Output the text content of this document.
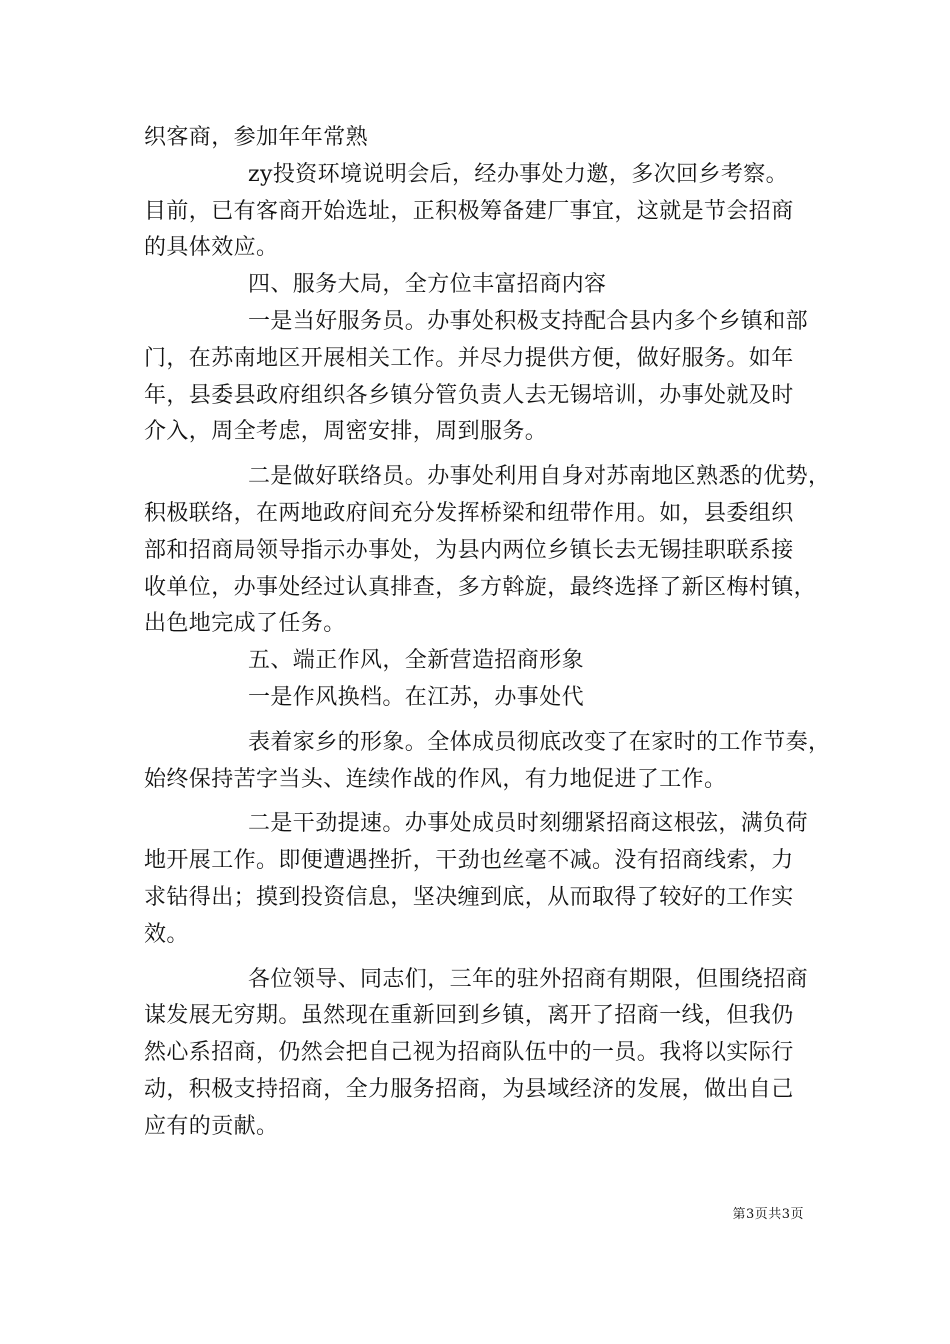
织客商，参加年年常熟
zy投资环境说明会后，经办事处力邀，多次回乡考察。
目前，已有客商开始选址，正积极筹备建厂事宜，这就是节会招商
的具体效应。
四、服务大局，全方位丰富招商内容
一是当好服务员。办事处积极支持配合县内多个乡镇和部
门，在苏南地区开展相关工作。并尽力提供方便，做好服务。如年
年，县委县政府组织各乡镇分管负责人去无锡培训，办事处就及时
介入，周全考虑，周密安排，周到服务。
二是做好联络员。办事处利用自身对苏南地区熟悉的优势，
积极联络，在两地政府间充分发挥桥梁和纽带作用。如，县委组织
部和招商局领导指示办事处，为县内两位乡镇长去无锡挂职联系接
收单位，办事处经过认真排查，多方斡旋，最终选择了新区梅村镇，
出色地完成了任务。
五、端正作风，全新营造招商形象
一是作风换档。在江苏，办事处代
表着家乡的形象。全体成员彻底改变了在家时的工作节奏，
始终保持苦字当头、连续作战的作风，有力地促进了工作。
二是干劲提速。办事处成员时刻绷紧招商这根弦，满负荷
地开展工作。即便遭遇挫折，干劲也丝毫不减。没有招商线索，力
求钻得出；摸到投资信息，坚决缠到底，从而取得了较好的工作实
效。
各位领导、同志们，三年的驻外招商有期限，但围绕招商
谋发展无穷期。虽然现在重新回到乡镇，离开了招商一线，但我仍
然心系招商，仍然会把自己视为招商队伍中的一员。我将以实际行
动，积极支持招商，全力服务招商，为县域经济的发展，做出自己
应有的贡献。
第3页共3页
